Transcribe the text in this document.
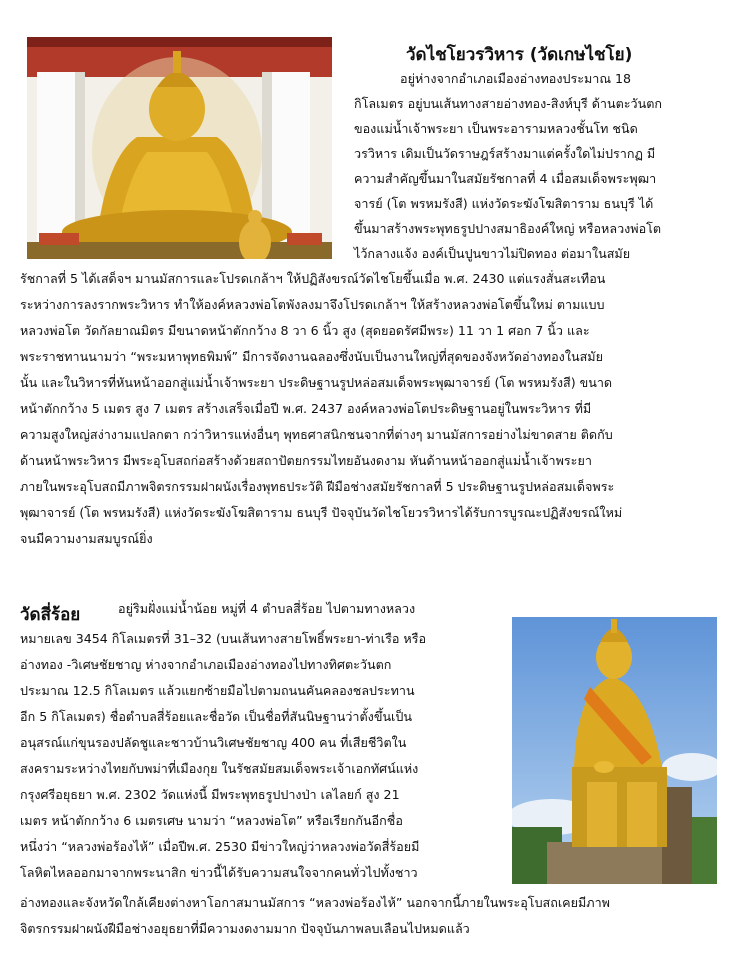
วัดไชโยวรวิหาร (วัดเกษไชโย)
อยู่ห่างจากอำเภอเมืองอ่างทองประมาณ 18
กิโลเมตร อยู่บนเส้นทางสายอ่างทอง-สิงห์บุรี ด้านตะวันตก
ของแม่น้ำเจ้าพระยา เป็นพระอารามหลวงชั้นโท ชนิด
วรวิหาร เดิมเป็นวัดราษฎร์สร้างมาแต่ครั้งใดไม่ปรากฏ มี
ความสำคัญขึ้นมาในสมัยรัชกาลที่ 4 เมื่อสมเด็จพระพุฒา
จารย์ (โต พรหมรังสี) แห่งวัดระฆังโฆสิตาราม ธนบุรี ได้
ขึ้นมาสร้างพระพุทธรูปปางสมาธิองค์ใหญ่ หรือหลวงพ่อโต
ไว้กลางแจ้ง องค์เป็นปูนขาวไม่ปิดทอง ต่อมาในสมัย
รัชกาลที่ 5 ได้เสด็จฯ มานมัสการและโปรดเกล้าฯ ให้ปฏิสังขรณ์วัดไชโยขึ้นเมื่อ พ.ศ. 2430 แต่แรงสั่นสะเทือน
ระหว่างการลงรากพระวิหาร ทำให้องค์หลวงพ่อโตพังลงมาจึงโปรดเกล้าฯ ให้สร้างหลวงพ่อโตขึ้นใหม่ ตามแบบ
หลวงพ่อโต วัดกัลยาณมิตร มีขนาดหน้าตักกว้าง 8 วา 6 นิ้ว สูง (สุดยอดรัศมีพระ) 11 วา 1 ศอก 7 นิ้ว และ
พระราชทานนามว่า “พระมหาพุทธพิมพ์” มีการจัดงานฉลองซึ่งนับเป็นงานใหญ่ที่สุดของจังหวัดอ่างทองในสมัย
นั้น และในวิหารที่หันหน้าออกสู่แม่น้ำเจ้าพระยา ประดิษฐานรูปหล่อสมเด็จพระพุฒาจารย์ (โต พรหมรังสี) ขนาด
หน้าตักกว้าง 5 เมตร สูง 7 เมตร สร้างเสร็จเมื่อปี พ.ศ. 2437 องค์หลวงพ่อโตประดิษฐานอยู่ในพระวิหาร ที่มี
ความสูงใหญ่สง่างามแปลกตา กว่าวิหารแห่งอื่นๆ พุทธศาสนิกชนจากที่ต่างๆ มานมัสการอย่างไม่ขาดสาย ติดกับ
ด้านหน้าพระวิหาร มีพระอุโบสถก่อสร้างด้วยสถาปัตยกรรมไทยอันงดงาม หันด้านหน้าออกสู่แม่น้ำเจ้าพระยา
ภายในพระอุโบสถมีภาพจิตรกรรมฝาผนังเรื่องพุทธประวัติ ฝีมือช่างสมัยรัชกาลที่ 5 ประดิษฐานรูปหล่อสมเด็จพระ
พุฒาจารย์ (โต พรหมรังสี) แห่งวัดระฆังโฆสิตาราม ธนบุรี ปัจจุบันวัดไชโยวรวิหารได้รับการบูรณะปฏิสังขรณ์ใหม่
จนมีความงามสมบูรณ์ยิ่ง
วัดสี่ร้อย	อยู่ริมฝั่งแม่น้ำน้อย หมู่ที่ 4 ตำบลสี่ร้อย ไปตามทางหลวง
หมายเลข 3454 กิโลเมตรที่ 31–32 (บนเส้นทางสายโพธิ์พระยา-ท่าเรือ หรือ
อ่างทอง -วิเศษชัยชาญ ห่างจากอำเภอเมืองอ่างทองไปทางทิศตะวันตก
ประมาณ 12.5 กิโลเมตร แล้วแยกซ้ายมือไปตามถนนคันคลองชลประทาน
อีก 5 กิโลเมตร) ชื่อตำบลสี่ร้อยและชื่อวัด เป็นชื่อที่สันนิษฐานว่าตั้งขึ้นเป็น
อนุสรณ์แก่ขุนรองปลัดชูและชาวบ้านวิเศษชัยชาญ 400 คน ที่เสียชีวิตใน
สงครามระหว่างไทยกับพม่าที่เมืองกุย ในรัชสมัยสมเด็จพระเจ้าเอกทัศน์แห่ง
กรุงศรีอยุธยา พ.ศ. 2302 วัดแห่งนี้ มีพระพุทธรูปปางป่า เลไลยก์ สูง 21
เมตร หน้าตักกว้าง 6 เมตรเศษ นามว่า “หลวงพ่อโต” หรือเรียกกันอีกชื่อ
หนึ่งว่า “หลวงพ่อร้องไห้” เมื่อปีพ.ศ. 2530 มีข่าวใหญ่ว่าหลวงพ่อวัดสี่ร้อยมี
โลหิตไหลออกมาจากพระนาสิก ข่าวนี้ได้รับความสนใจจากคนทั่วไปทั้งชาว
อ่างทองและจังหวัดใกล้เคียงต่างหาโอกาสมานมัสการ “หลวงพ่อร้องไห้” นอกจากนี้ภายในพระอุโบสถเคยมีภาพ
จิตรกรรมฝาผนังฝีมือช่างอยุธยาที่มีความงดงามมาก ปัจจุบันภาพลบเลือนไปหมดแล้ว
